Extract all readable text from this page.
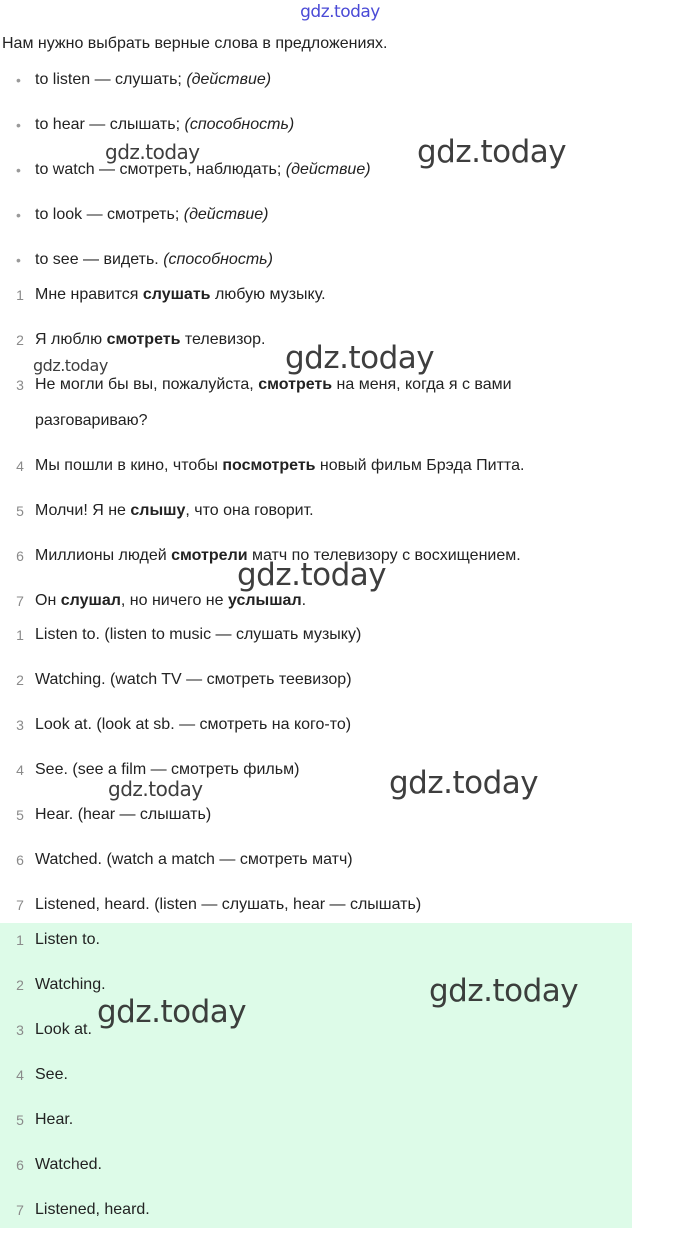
gdz.today
Нам нужно выбрать верные слова в предложениях.
• to listen — слушать; (действие)
• to hear — слышать; (способность)
• to watch — смотреть, наблюдать; (действие)
• to look — смотреть; (действие)
• to see — видеть. (способность)
1 Мне нравится слушать любую музыку.
2 Я люблю смотреть телевизор.
3 Не могли бы вы, пожалуйста, смотреть на меня, когда я с вами разговариваю?
4 Мы пошли в кино, чтобы посмотреть новый фильм Брэда Питта.
5 Молчи! Я не слышу, что она говорит.
6 Миллионы людей смотрели матч по телевизору с восхищением.
7 Он слушал, но ничего не услышал.
1 Listen to. (listen to music — слушать музыку)
2 Watching. (watch TV — смотреть теевизор)
3 Look at. (look at sb. — смотреть на кого-то)
4 See. (see a film — смотреть фильм)
5 Hear. (hear — слышать)
6 Watched. (watch a match — смотреть матч)
7 Listened, heard. (listen — слушать, hear — слышать)
1 Listen to.
2 Watching.
3 Look at.
4 See.
5 Hear.
6 Watched.
7 Listened, heard.
gdz.today	gdz.today
gdz.today	gdz.today
gdz.today
gdz.today	gdz.today
gdz.today
gdz.today
